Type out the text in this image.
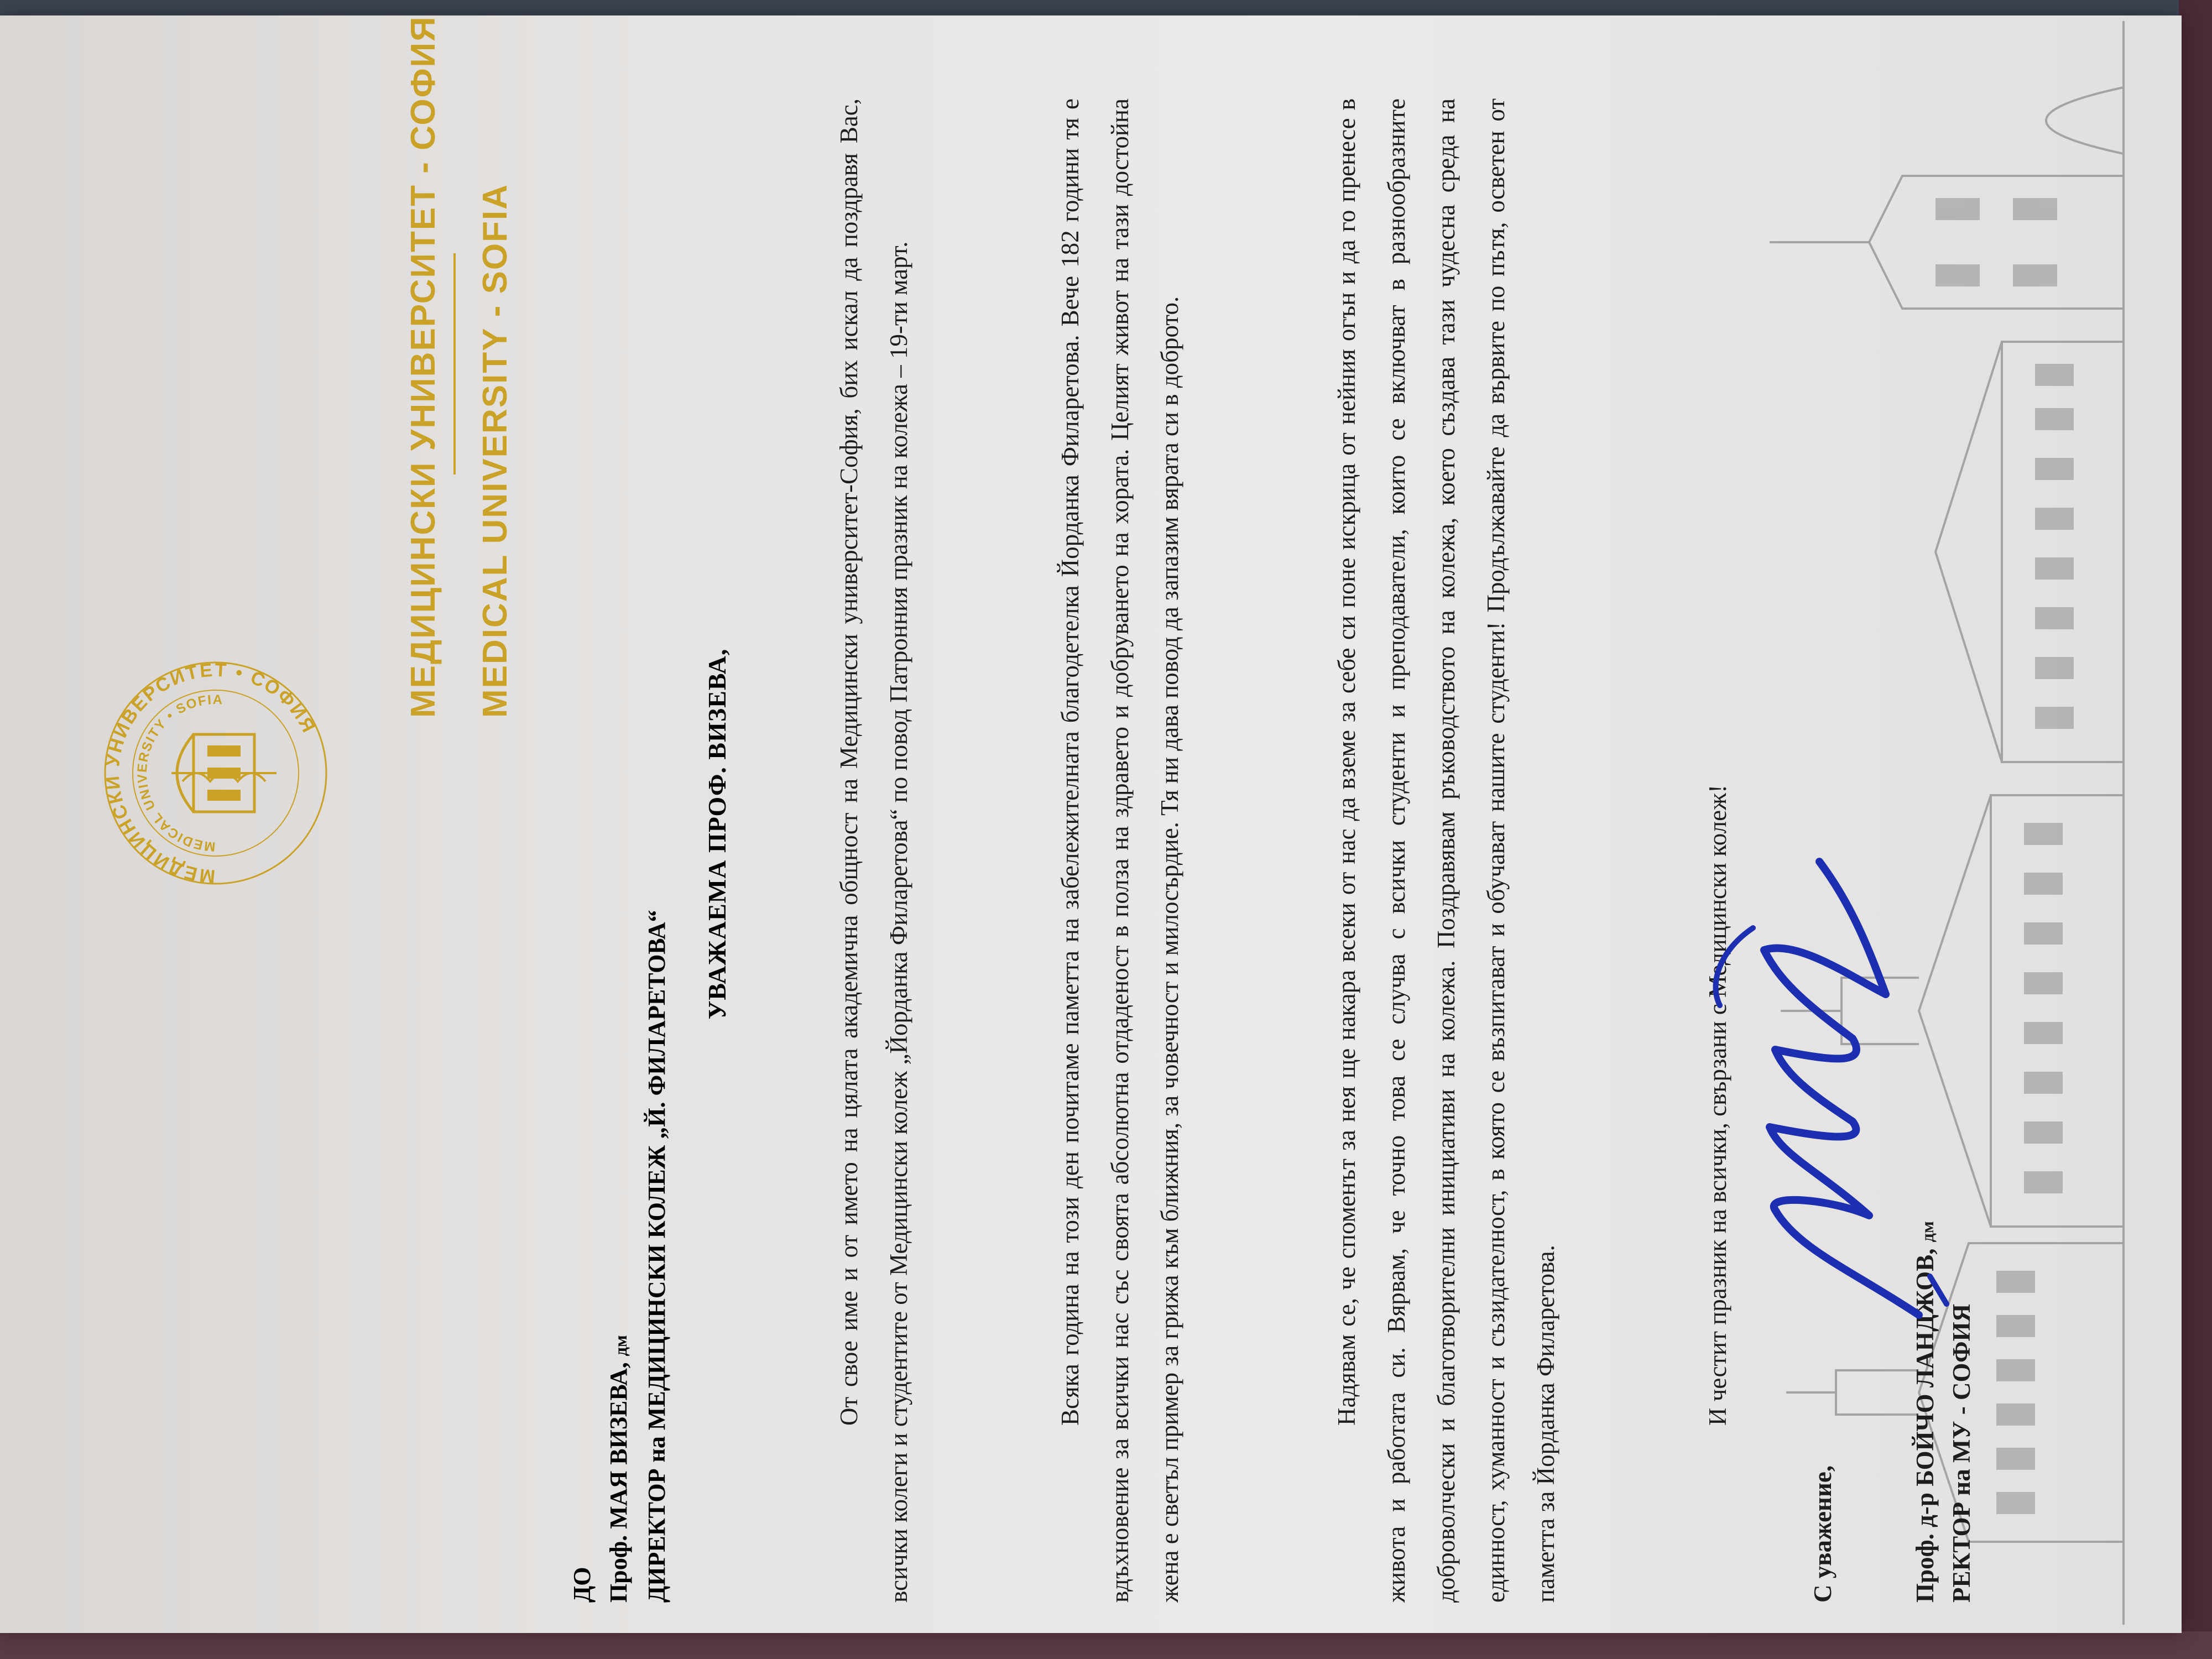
МЕДИЦИНСКИ УНИВЕРСИТЕТ • СОФИЯ
MEDICAL UNIVERSITY • SOFIA	МЕДИЦИНСКИ УНИВЕРСИТЕТ - СОФИЯ MEDICAL UNIVERSITY - SOFIA
ДО Проф. МАЯ ВИЗЕВА, дм ДИРЕКТОР на МЕДИЦИНСКИ КОЛЕЖ „Й. ФИЛАРЕТОВА“
УВАЖАЕМА ПРОФ. ВИЗЕВА,	От свое име и от името на цялата академична общност на Медицински университет-София, бих искал да поздравя Вас, всички колеги и студентите от Медицински колеж „Йорданка Филаретова“ по повод Патронния празник на колежа – 19-ти март.	Всяка година на този ден почитаме паметта на забележителната благодетелка Йорданка Филаретова. Вече 182 години тя е вдъхновение за всички нас със своята абсолютна отдаденост в полза на здравето и добруването на хората. Целият живот на тази достойна жена е светъл пример за грижа към ближния, за човечност и милосърдие. Тя ни дава повод да запазим вярата си в доброто.	Надявам се, че споменът за нея ще накара всеки от нас да вземе за себе си поне искрица от нейния огън и да го пренесе в живота и работата си. Вярвам, че точно това се случва с всички студенти и преподаватели, които се включват в разнообразните доброволчески и благотворителни инициативи на колежа. Поздравявам ръководството на колежа, което създава тази чудесна среда на единност, хуманност и съзидателност, в която се възпитават и обучават нашите студенти! Продължавайте да вървите по пътя, осветен от паметта за Йорданка Филаретова.	И честит празник на всички, свързани с Медицински колеж!
С уважение,	Проф. д-р БОЙЧО ЛАНДЖОВ, дм
РЕКТОР на МУ - СОФИЯ
